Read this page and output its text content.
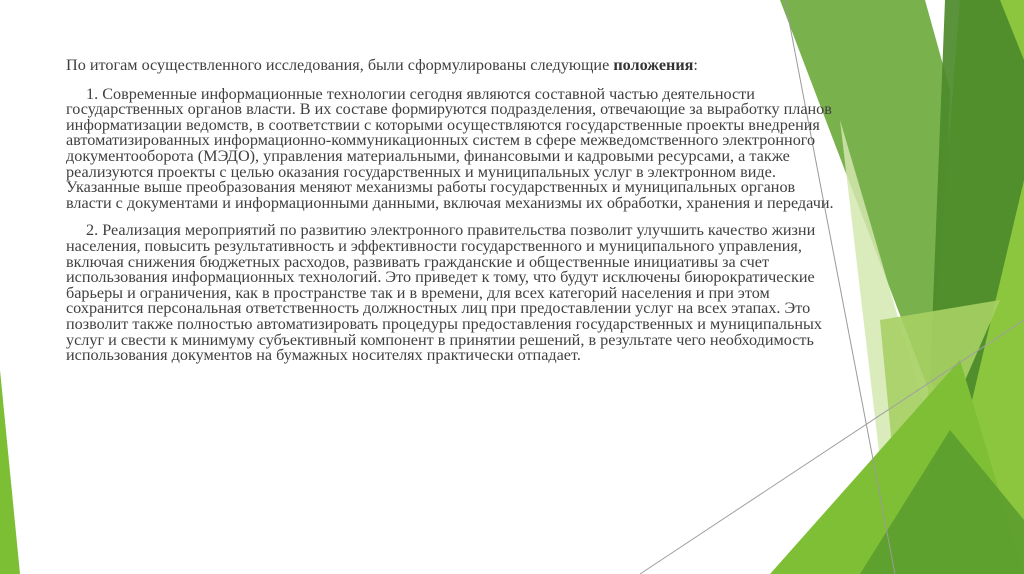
По итогам осуществленного исследования, были сформулированы следующие положения:

1. Современные информационные технологии сегодня являются составной частью деятельности государственных органов власти. В их составе формируются подразделения, отвечающие за выработку планов информатизации ведомств, в соответствии с которыми осуществляются государственные проекты внедрения автоматизированных информационно-коммуникационных систем в сфере межведомственного электронного документооборота (МЭДО), управления материальными, финансовыми и кадровыми ресурсами, а также реализуются проекты с целью оказания государственных и муниципальных услуг в электронном виде. Указанные выше преобразования меняют механизмы работы государственных и муниципальных органов власти с документами и информационными данными, включая механизмы их обработки, хранения и передачи.

2. Реализация мероприятий по развитию электронного правительства позволит улучшить качество жизни населения, повысить результативность и эффективности государственного и муниципального управления, включая снижения бюджетных расходов, развивать гражданские и общественные инициативы за счет использования информационных технологий. Это приведет к тому, что будут исключены биюрократические барьеры и ограничения, как в пространстве так и в времени, для всех категорий населения и при этом сохранится персональная ответственность должностных лиц при предоставлении услуг на всех этапах. Это позволит также полностью автоматизировать процедуры предоставления государственных и муниципальных услуг и свести к минимуму субъективный компонент в принятии решений, в результате чего необходимость использования документов на бумажных носителях практически отпадает.
